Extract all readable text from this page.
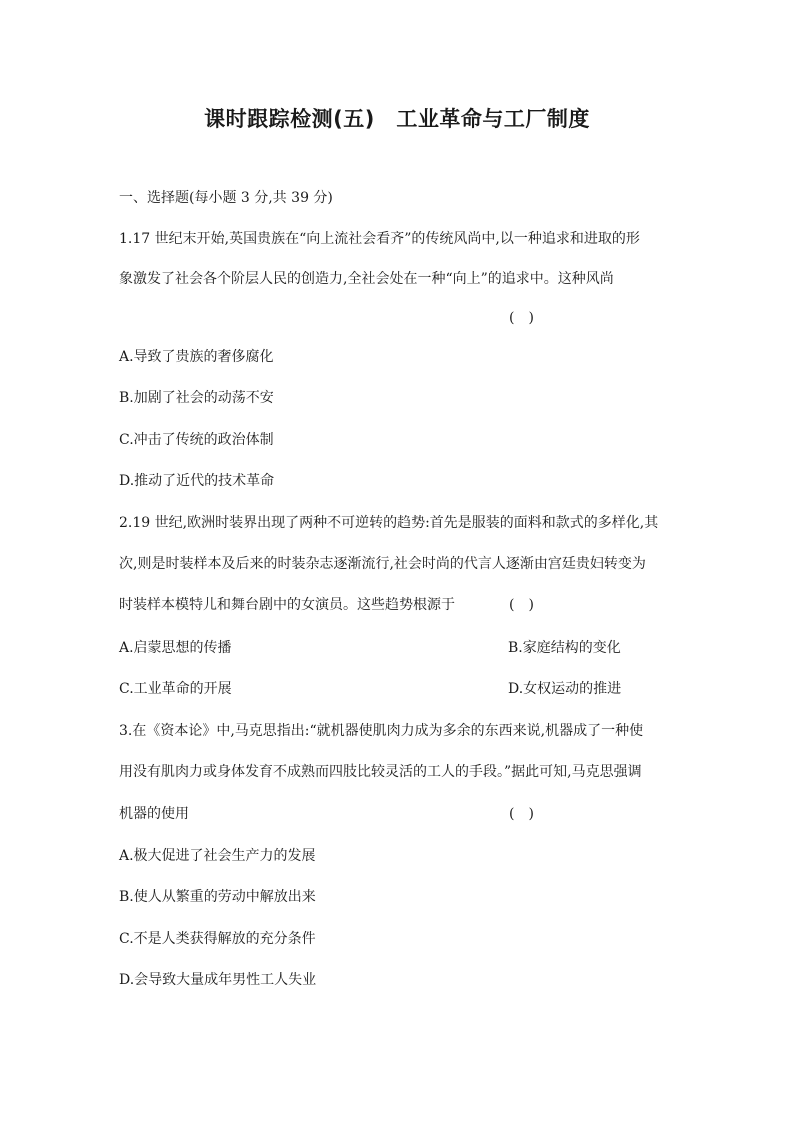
课时跟踪检测(五)　工业革命与工厂制度
一、选择题(每小题 3 分,共 39 分)
1.17 世纪末开始,英国贵族在“向上流社会看齐”的传统风尚中,以一种追求和进取的形
象激发了社会各个阶层人民的创造力,全社会处在一种“向上”的追求中。这种风尚
(　)
A.导致了贵族的奢侈腐化
B.加剧了社会的动荡不安
C.冲击了传统的政治体制
D.推动了近代的技术革命
2.19 世纪,欧洲时装界出现了两种不可逆转的趋势:首先是服装的面料和款式的多样化,其
次,则是时装样本及后来的时装杂志逐渐流行,社会时尚的代言人逐渐由宫廷贵妇转变为
时装样本模特儿和舞台剧中的女演员。这些趋势根源于	(　)
A.启蒙思想的传播	B.家庭结构的变化
C.工业革命的开展	D.女权运动的推进
3.在《资本论》中,马克思指出:“就机器使肌肉力成为多余的东西来说,机器成了一种使
用没有肌肉力或身体发育不成熟而四肢比较灵活的工人的手段。”据此可知,马克思强调
机器的使用	(　)
A.极大促进了社会生产力的发展
B.使人从繁重的劳动中解放出来
C.不是人类获得解放的充分条件
D.会导致大量成年男性工人失业
